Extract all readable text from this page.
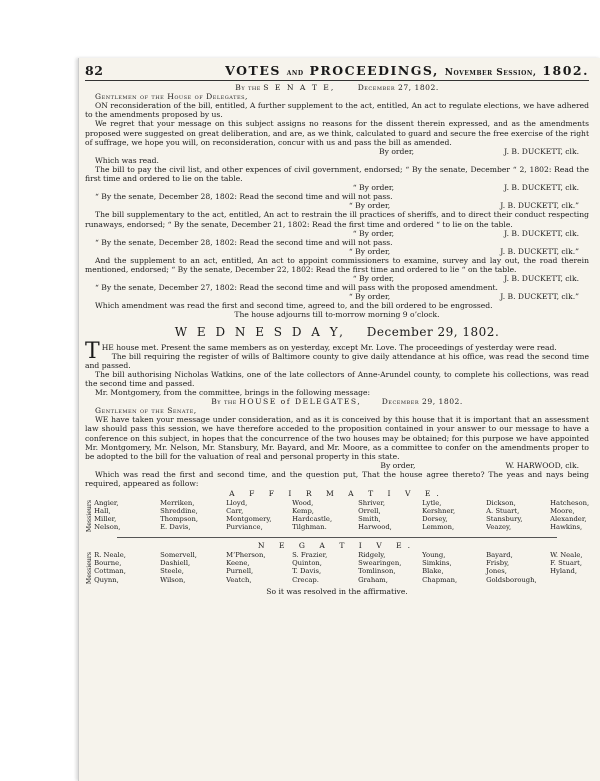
82	VOTES and PROCEEDINGS, November Session, 1802.
By the S E N A T E,	December 27, 1802.
Gentlemen of the House of Delegates,

ON reconsideration of the bill, entitled, A further supplement to the act, entitled, An act to regulate elections, we have adhered to the amendments proposed by us.

We regret that your message on this subject assigns no reasons for the dissent therein expressed, and as the amendments proposed were suggested on great deliberation, and are, as we think, calculated to guard and secure the free exercise of the right of suffrage, we hope you will, on reconsideration, concur with us and pass the bill as amended.

By order,	J. B. DUCKETT, clk.

Which was read.

The bill to pay the civil list, and other expences of civil government, endorsed; “ By the senate, December “ 2, 1802: Read the first time and ordered to lie on the table.

“ By order,	J. B. DUCKETT, clk.

“ By the senate, December 28, 1802: Read the second time and will not pass.

“ By order,	J. B. DUCKETT, clk.”

The bill supplementary to the act, entitled, An act to restrain the ill practices of sheriffs, and to direct their conduct respecting runaways, endorsed; “ By the senate, December 21, 1802: Read the first time and ordered “ to lie on the table.

“ By order,	J. B. DUCKETT, clk.

“ By the senate, December 28, 1802: Read the second time and will not pass.

“ By order,	J. B. DUCKETT, clk.”

And the supplement to an act, entitled, An act to appoint commissioners to examine, survey and lay out, the road therein mentioned, endorsed; “ By the senate, December 22, 1802: Read the first time and ordered to lie “ on the table.

“ By order,	J. B. DUCKETT, clk.

“ By the senate, December 27, 1802: Read the second time and will pass with the proposed amendment.

“ By order,	J. B. DUCKETT, clk.”

Which amendment was read the first and second time, agreed to, and the bill ordered to be engrossed.

The house adjourns till to-morrow morning 9 o’clock.
W E D N E S D A Y, December 29, 1802.

THE house met. Present the same members as on yesterday, except Mr. Love. The proceedings of yesterday were read.

The bill requiring the register of wills of Baltimore county to give daily attendance at his office, was read the second time and passed.

The bill authorising Nicholas Watkins, one of the late collectors of Anne-Arundel county, to complete his collections, was read the second time and passed.

Mr. Montgomery, from the committee, brings in the following message:

By the HOUSE of DELEGATES,	December 29, 1802.
Gentlemen of the Senate,

WE have taken your message under consideration, and as it is conceived by this house that it is important that an assessment law should pass this session, we have therefore acceded to the proposition contained in your answer to our message to have a conference on this subject, in hopes that the concurrence of the two houses may be obtained; for this purpose we have appointed Mr. Montgomery, Mr. Nelson, Mr. Stansbury, Mr. Bayard, and Mr. Moore, as a committee to confer on the amendments proper to be adopted to the bill for the valuation of real and personal property in this state.

By order,	W. HARWOOD, clk.

Which was read the first and second time, and the question put, That the house agree thereto? The yeas and nays being required, appeared as follow:

A F F I R M A T I V E.
Messieurs Angier,	Merriken,	Lloyd,	Wood,	Shriver,	Lytle,	Dickson,	Hatcheson,
Hall,	Shreddine,	Carr,	Kemp,	Orrell,	Kershner,	A. Stuart,	Moore,
Miller,	Thompson,	Montgomery,	Hardcastle,	Smith,	Dorsey,	Stansbury,	Alexander,
Nelson,	E. Davis,	Purviance,	Tilghman.	Harwood,	Lemmon,	Veazey,	Hawkins,
N E G A T I V E.
Messieurs R. Neale,	Somervell,	M‘Pherson,	S. Frazier,	Ridgely,	Young,	Bayard,	W. Neale,
Bourne,	Dashiell,	Keene,	Quinton,	Swearingen,	Simkins,	Frisby,	F. Stuart,
Cottman,	Steele,	Purnell,	T. Davis,	Tomlinson,	Blake,	Jones,	Hyland,
Quynn,	Wilson,	Veatch,	Crecap.	Graham,	Chapman,	Goldsborough,
So it was resolved in the affirmative.
